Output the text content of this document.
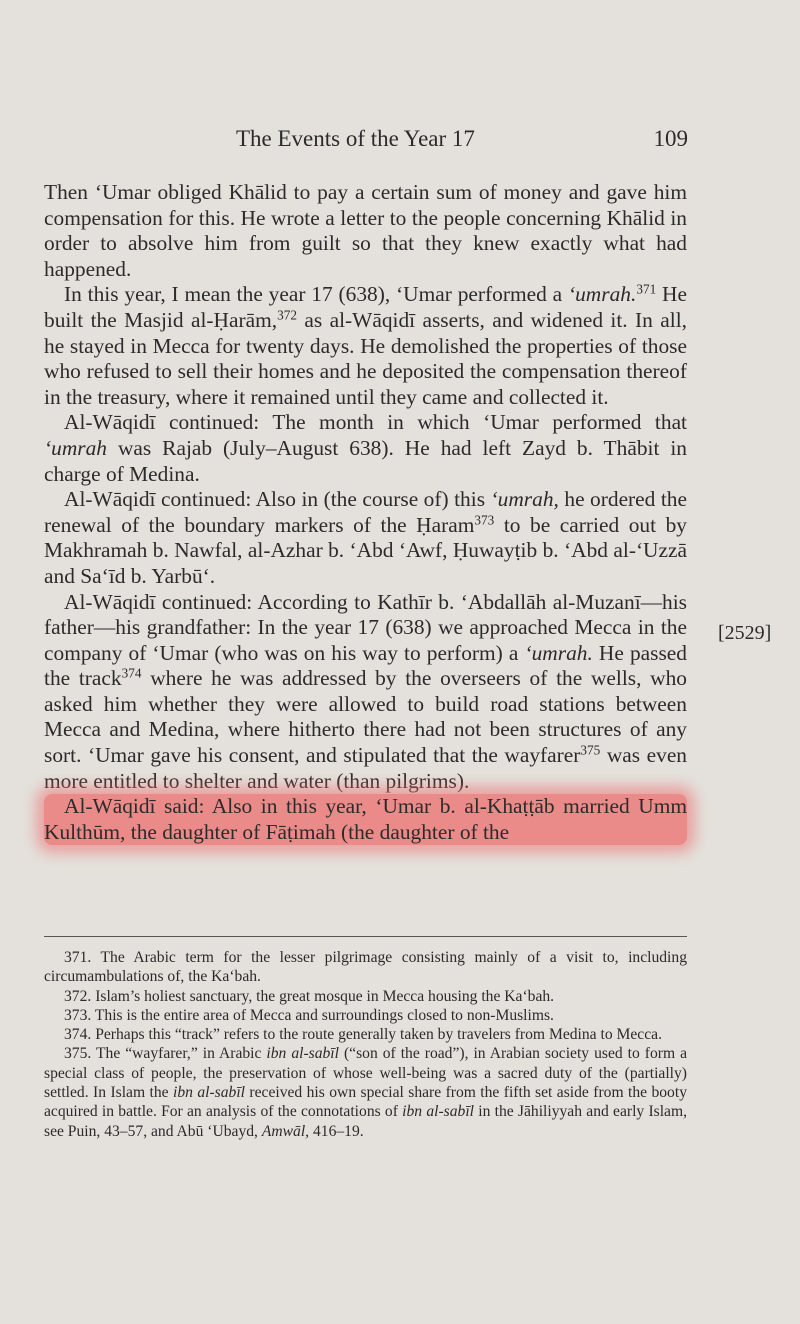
The Events of the Year 17	109

Then ‘Umar obliged Khālid to pay a certain sum of money and gave him compensation for this. He wrote a letter to the people concerning Khālid in order to absolve him from guilt so that they knew exactly what had happened.

In this year, I mean the year 17 (638), ‘Umar performed a ‘umrah.$^{371}$ He built the Masjid al-Ḥarām,$^{372}$ as al-Wāqidī asserts, and widened it. In all, he stayed in Mecca for twenty days. He demolished the properties of those who refused to sell their homes and he deposited the compensation thereof in the treasury, where it remained until they came and collected it.

Al-Wāqidī continued: The month in which ‘Umar performed that ‘umrah was Rajab (July–August 638). He had left Zayd b. Thābit in charge of Medina.

Al-Wāqidī continued: Also in (the course of) this ‘umrah, he ordered the renewal of the boundary markers of the Ḥaram$^{373}$ to be carried out by Makhramah b. Nawfal, al-Azhar b. ‘Abd ‘Awf, Ḥuwayṭib b. ‘Abd al-‘Uzzā and Sa‘īd b. Yarbū‘.

Al-Wāqidī continued: According to Kathīr b. ‘Abdallāh al-Muzanī—his father—his grandfather: In the year 17 (638) we approached Mecca in the company of ‘Umar (who was on his way to perform) a ‘umrah. He passed the track$^{374}$ where he was addressed by the overseers of the wells, who asked him whether they were allowed to build road stations between Mecca and Medina, where hitherto there had not been structures of any sort. ‘Umar gave his consent, and stipulated that the wayfarer$^{375}$ was even more entitled to shelter and water (than pilgrims).

Al-Wāqidī said: Also in this year, ‘Umar b. al-Khaṭṭāb married Umm Kulthūm, the daughter of Fāṭimah (the daughter of the

[2529]

371. The Arabic term for the lesser pilgrimage consisting mainly of a visit to, including circumambulations of, the Ka‘bah.

372. Islam’s holiest sanctuary, the great mosque in Mecca housing the Ka‘bah.

373. This is the entire area of Mecca and surroundings closed to non-Muslims.

374. Perhaps this “track” refers to the route generally taken by travelers from Medina to Mecca.

375. The “wayfarer,” in Arabic ibn al-sabīl (“son of the road”), in Arabian society used to form a special class of people, the preservation of whose well-being was a sacred duty of the (partially) settled. In Islam the ibn al-sabīl received his own special share from the fifth set aside from the booty acquired in battle. For an analysis of the connotations of ibn al-sabīl in the Jāhiliyyah and early Islam, see Puin, 43–57, and Abū ‘Ubayd, Amwāl, 416–19.
